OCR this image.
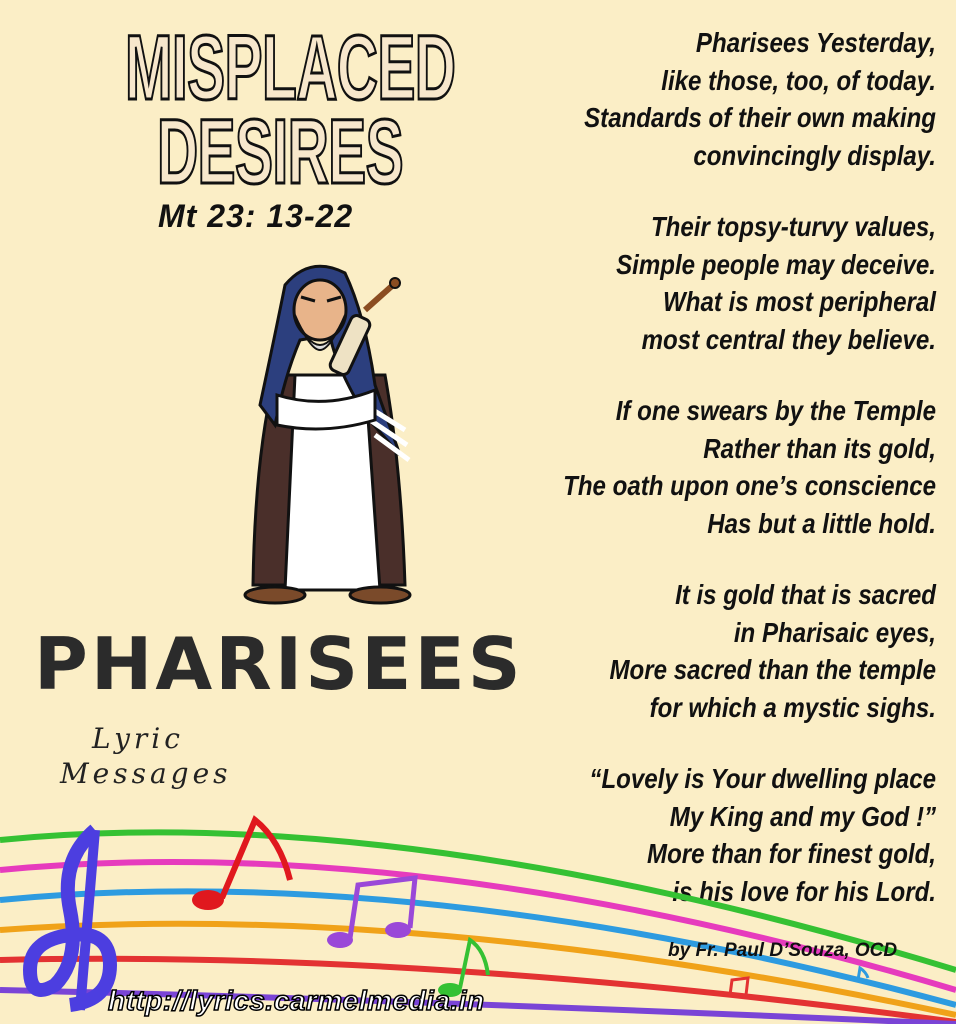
MISPLACED
DESIRES
Mt 23: 13-22
PHARISEES
Lyric
Messages
Pharisees Yesterday,
like those, too, of today.
Standards of their own making
convincingly display.
Their topsy-turvy values,
Simple people may deceive.
What is most peripheral
most central they believe.
If one swears by the Temple
Rather than its gold,
The oath upon one’s conscience
Has but a little hold.
It is gold that is sacred
in Pharisaic eyes,
More sacred than the temple
for which a mystic sighs.
“Lovely is Your dwelling place
My King and my God !”
More than for finest gold,
is his love for his Lord.
by Fr. Paul D’Souza, OCD
http://lyrics.carmelmedia.in
